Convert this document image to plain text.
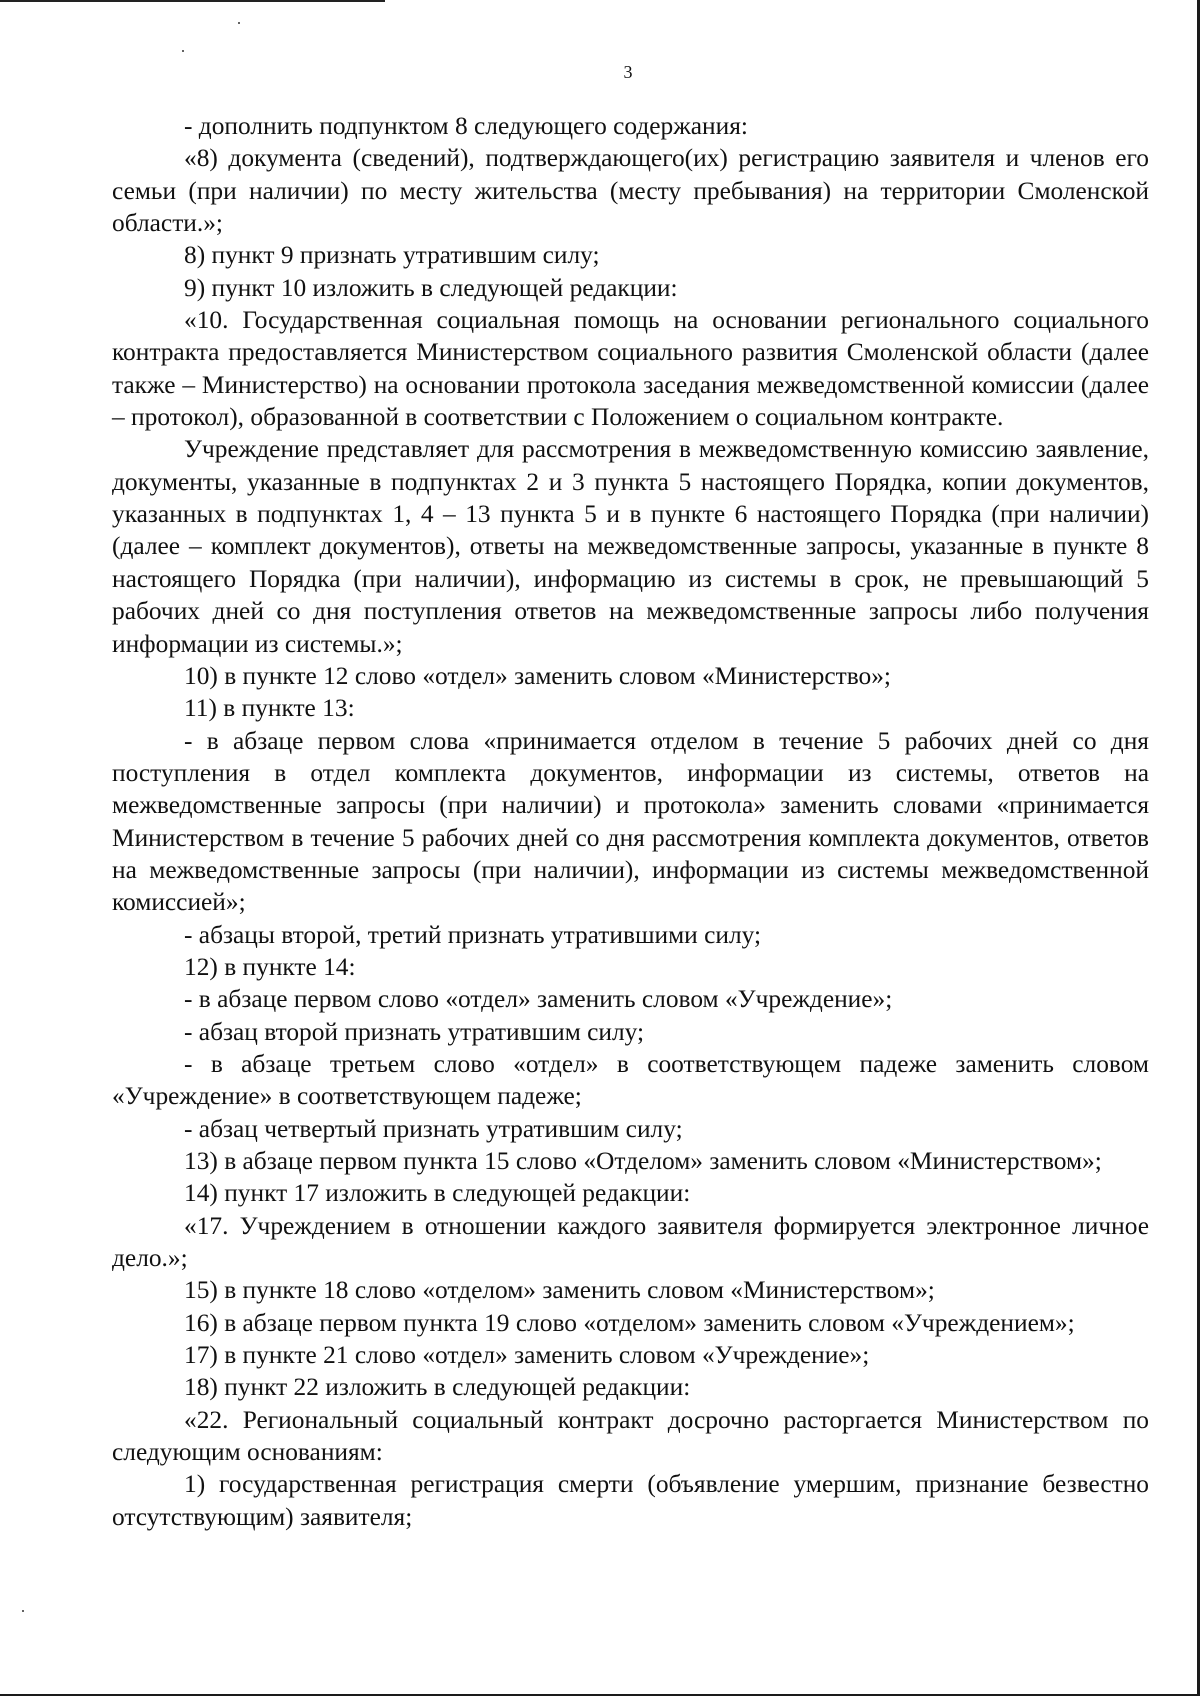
3

- дополнить подпунктом 8 следующего содержания:

«8) документа (сведений), подтверждающего(их) регистрацию заявителя и членов его семьи (при наличии) по месту жительства (месту пребывания) на территории Смоленской области.»;

8) пункт 9 признать утратившим силу;

9) пункт 10 изложить в следующей редакции:

«10. Государственная социальная помощь на основании регионального социального контракта предоставляется Министерством социального развития Смоленской области (далее также – Министерство) на основании протокола заседания межведомственной комиссии (далее – протокол), образованной в соответствии с Положением о социальном контракте.

Учреждение представляет для рассмотрения в межведомственную комиссию заявление, документы, указанные в подпунктах 2 и 3 пункта 5 настоящего Порядка, копии документов, указанных в подпунктах 1, 4 – 13 пункта 5 и в пункте 6 настоящего Порядка (при наличии) (далее – комплект документов), ответы на межведомственные запросы, указанные в пункте 8 настоящего Порядка (при наличии), информацию из системы в срок, не превышающий 5 рабочих дней со дня поступления ответов на межведомственные запросы либо получения информации из системы.»;

10) в пункте 12 слово «отдел» заменить словом «Министерство»;

11) в пункте 13:

- в абзаце первом слова «принимается отделом в течение 5 рабочих дней со дня поступления в отдел комплекта документов, информации из системы, ответов на межведомственные запросы (при наличии) и протокола» заменить словами «принимается Министерством в течение 5 рабочих дней со дня рассмотрения комплекта документов, ответов на межведомственные запросы (при наличии), информации из системы межведомственной комиссией»;

- абзацы второй, третий признать утратившими силу;

12) в пункте 14:

- в абзаце первом слово «отдел» заменить словом «Учреждение»;

- абзац второй признать утратившим силу;

- в абзаце третьем слово «отдел» в соответствующем падеже заменить словом «Учреждение» в соответствующем падеже;

- абзац четвертый признать утратившим силу;

13) в абзаце первом пункта 15 слово «Отделом» заменить словом «Министерством»;

14) пункт 17 изложить в следующей редакции:

«17. Учреждением в отношении каждого заявителя формируется электронное личное дело.»;

15) в пункте 18 слово «отделом» заменить словом «Министерством»;

16) в абзаце первом пункта 19 слово «отделом» заменить словом «Учреждением»;

17) в пункте 21 слово «отдел» заменить словом «Учреждение»;

18) пункт 22 изложить в следующей редакции:

«22. Региональный социальный контракт досрочно расторгается Министерством по следующим основаниям:

1) государственная регистрация смерти (объявление умершим, признание безвестно отсутствующим) заявителя;
